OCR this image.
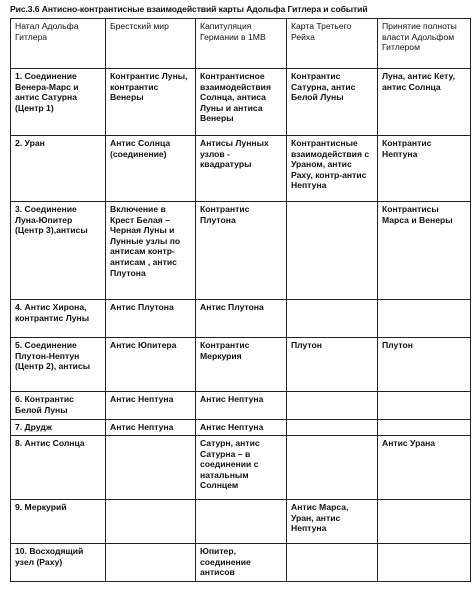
Рис.3.6 Антисно-контрантисные взаимодействий карты Адольфа Гитлера и событий
Натал Адольфа Гитлера	Брестский мир	Капитуляция Германии в 1МВ	Карта Третьего Рейха	Принятие полноты власти Адольфом Гитлером
1. Соединение Венера-Марс и антис Сатурна (Центр 1)	Контрантис Луны, контрантис Венеры	Контрантисное взаимодействия Солнца, антиса Луны и антиса Венеры	Контрантис Сатурна, антис Белой Луны	Луна, антис Кету, антис Солнца
2. Уран	Антис Солнца (соединение)	Антисы Лунных узлов - квадратуры	Контрантисные взаимодействия с Ураном, антис Раху, контр-антис Нептуна	Контрантис Нептуна
3. Соединение Луна-Юпитер (Центр 3),антисы	Включение в Крест Белая – Черная Луны и Лунные узлы по антисам контр-антисам , антис Плутона	Контрантис Плутона		Контрантисы Марса и Венеры
4. Антис Хирона, контрантис Луны	Антис Плутона	Антис Плутона		
5. Соединение Плутон-Нептун (Центр 2), антисы	Антис Юпитера	Контрантис Меркурия	Плутон	Плутон
6. Контрантис Белой Луны	Антис Нептуна	Антис Нептуна		
7. Друдж	Антис Нептуна	Антис Нептуна		
8. Антис Солнца		Сатурн, антис Сатурна – в соединении с натальным Солнцем		Антис Урана
9. Меркурий			Антис Марса, Уран, антис Нептуна	
10. Восходящий узел (Раху)		Юпитер, соединение антисов		
